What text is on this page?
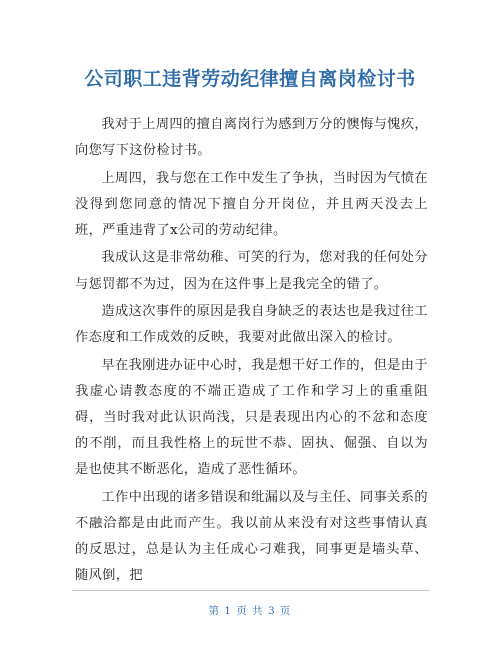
公司职工违背劳动纪律擅自离岗检讨书

我对于上周四的擅自离岗行为感到万分的懊悔与愧疚，向您写下这份检讨书。

上周四，我与您在工作中发生了争执，当时因为气愤在没得到您同意的情况下擅自分开岗位，并且两天没去上班，严重违背了x公司的劳动纪律。

我成认这是非常幼稚、可笑的行为，您对我的任何处分与惩罚都不为过，因为在这件事上是我完全的错了。

造成这次事件的原因是我自身缺乏的表达也是我过往工作态度和工作成效的反映，我要对此做出深入的检讨。

早在我刚进办证中心时，我是想干好工作的，但是由于我虚心请教态度的不端正造成了工作和学习上的重重阻碍，当时我对此认识尚浅，只是表现出内心的不忿和态度的不削，而且我性格上的玩世不恭、固执、倔强、自以为是也使其不断恶化，造成了恶性循环。

工作中出现的诸多错误和纰漏以及与主任、同事关系的不融洽都是由此而产生。我以前从来没有对这些事情认真的反思过，总是认为主任成心刁难我，同事更是墙头草、随风倒，把

第 1 页 共 3 页
